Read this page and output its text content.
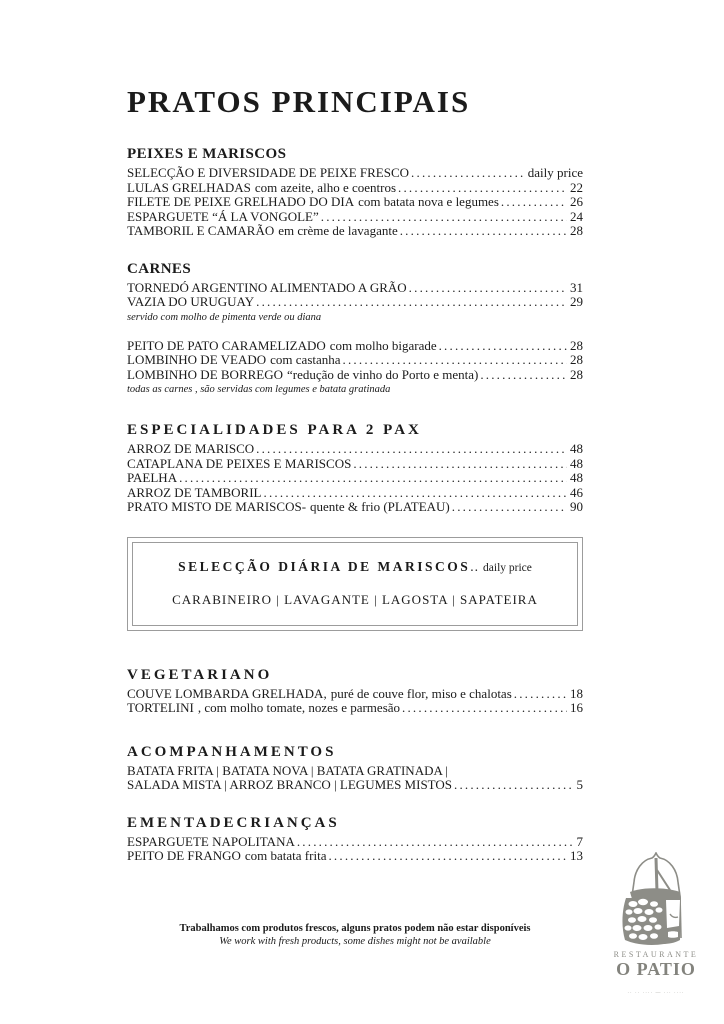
PRATOS PRINCIPAIS
PEIXES E MARISCOS
SELECÇÃO E DIVERSIDADE DE PEIXE FRESCO .....	daily price
LULAS GRELHADAS com azeite, alho e coentros .....	22
FILETE DE PEIXE GRELHADO DO DIA com batata nova e legumes .....	26
ESPARGUETE “Á LA VONGOLE” .....	24
TAMBORIL E CAMARÃO em crème de lavagante .....	28
CARNES
TORNEDÓ ARGENTINO ALIMENTADO A GRÃO .....	31
VAZIA DO URUGUAY .....	29
servido com molho de pimenta verde ou diana
PEITO DE PATO CARAMELIZADO com molho bigarade .....	28
LOMBINHO DE VEADO com castanha .....	28
LOMBINHO DE BORREGO “redução de vinho do Porto e menta) .....	28
todas as carnes , são servidas com legumes e batata gratinada
ESPECIALIDADES PARA 2 PAX
ARROZ DE MARISCO .....	48
CATAPLANA DE PEIXES E MARISCOS .....	48
PAELHA .....	48
ARROZ DE TAMBORIL .....	46
PRATO MISTO DE MARISCOS- quente & frio (PLATEAU) .....	90
SELECÇÃO DIÁRIA DE MARISCOS.. daily price
CARABINEIRO | LAVAGANTE | LAGOSTA | SAPATEIRA
VEGETARIANO
COUVE LOMBARDA GRELHADA, puré de couve flor, miso e chalotas .....	18
TORTELINI , com molho tomate, nozes e parmesão .....	16
ACOMPANHAMENTOS
BATATA FRITA | BATATA NOVA | BATATA GRATINADA |
SALADA MISTA | ARROZ BRANCO | LEGUMES MISTOS .....	5
EMENTADECRIANÇAS
ESPARGUETE NAPOLITANA .....	7
PEITO DE FRANGO com batata frita .....	13
Trabalhamos com produtos frescos, alguns pratos podem não estar disponíveis
We work with fresh products, some dishes might not be available
RESTAURANTE
O PATIO
·· ··
